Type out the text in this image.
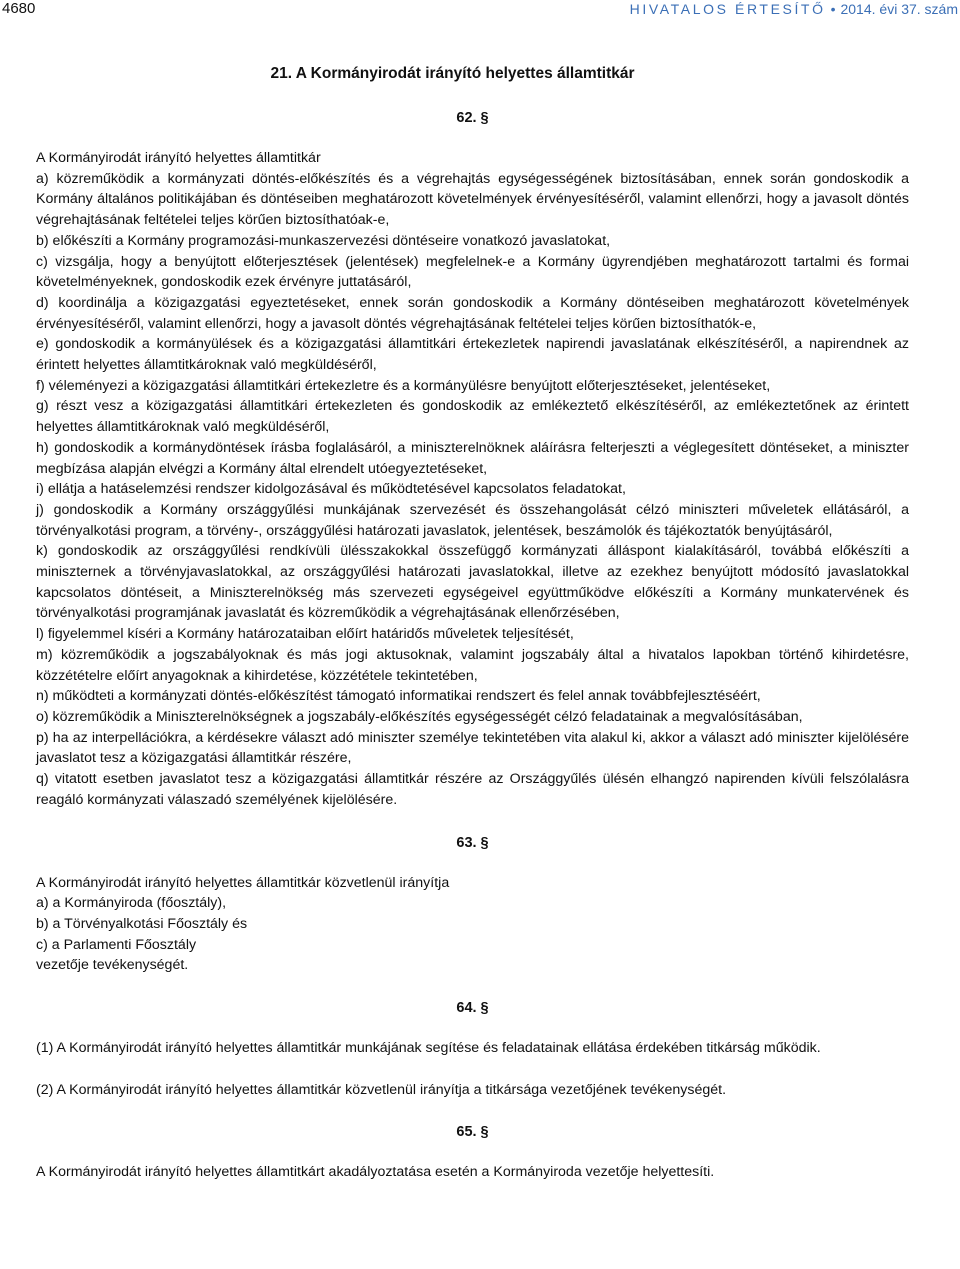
4680	HIVATALOS ÉRTESÍTŐ • 2014. évi 37. szám
21. A Kormányirodát irányító helyettes államtitkár
62. §

A Kormányirodát irányító helyettes államtitkár

a) közreműködik a kormányzati döntés-előkészítés és a végrehajtás egységességének biztosításában, ennek során gondoskodik a Kormány általános politikájában és döntéseiben meghatározott követelmények érvényesítéséről, valamint ellenőrzi, hogy a javasolt döntés végrehajtásának feltételei teljes körűen biztosíthatóak-e,

b) előkészíti a Kormány programozási-munkaszervezési döntéseire vonatkozó javaslatokat,

c) vizsgálja, hogy a benyújtott előterjesztések (jelentések) megfelelnek-e a Kormány ügyrendjében meghatározott tartalmi és formai követelményeknek, gondoskodik ezek érvényre juttatásáról,

d) koordinálja a közigazgatási egyeztetéseket, ennek során gondoskodik a Kormány döntéseiben meghatározott követelmények érvényesítéséről, valamint ellenőrzi, hogy a javasolt döntés végrehajtásának feltételei teljes körűen biztosíthatók-e,

e) gondoskodik a kormányülések és a közigazgatási államtitkári értekezletek napirendi javaslatának elkészítéséről, a napirendnek az érintett helyettes államtitkároknak való megküldéséről,

f) véleményezi a közigazgatási államtitkári értekezletre és a kormányülésre benyújtott előterjesztéseket, jelentéseket,

g) részt vesz a közigazgatási államtitkári értekezleten és gondoskodik az emlékeztető elkészítéséről, az emlékeztetőnek az érintett helyettes államtitkároknak való megküldéséről,

h) gondoskodik a kormánydöntések írásba foglalásáról, a miniszterelnöknek aláírásra felterjeszti a véglegesített döntéseket, a miniszter megbízása alapján elvégzi a Kormány által elrendelt utóegyeztetéseket,

i) ellátja a hatáselemzési rendszer kidolgozásával és működtetésével kapcsolatos feladatokat,

j) gondoskodik a Kormány országgyűlési munkájának szervezését és összehangolását célzó miniszteri műveletek ellátásáról, a törvényalkotási program, a törvény-, országgyűlési határozati javaslatok, jelentések, beszámolók és tájékoztatók benyújtásáról,

k) gondoskodik az országgyűlési rendkívüli ülésszakokkal összefüggő kormányzati álláspont kialakításáról, továbbá előkészíti a miniszternek a törvényjavaslatokkal, az országgyűlési határozati javaslatokkal, illetve az ezekhez benyújtott módosító javaslatokkal kapcsolatos döntéseit, a Miniszterelnökség más szervezeti egységeivel együttműködve előkészíti a Kormány munkatervének és törvényalkotási programjának javaslatát és közreműködik a végrehajtásának ellenőrzésében,

l) figyelemmel kíséri a Kormány határozataiban előírt határidős műveletek teljesítését,

m) közreműködik a jogszabályoknak és más jogi aktusoknak, valamint jogszabály által a hivatalos lapokban történő kihirdetésre, közzétételre előírt anyagoknak a kihirdetése, közzététele tekintetében,

n) működteti a kormányzati döntés-előkészítést támogató informatikai rendszert és felel annak továbbfejlesztéséért,

o) közreműködik a Miniszterelnökségnek a jogszabály-előkészítés egységességét célzó feladatainak a megvalósításában,

p) ha az interpellációkra, a kérdésekre választ adó miniszter személye tekintetében vita alakul ki, akkor a választ adó miniszter kijelölésére javaslatot tesz a közigazgatási államtitkár részére,

q) vitatott esetben javaslatot tesz a közigazgatási államtitkár részére az Országgyűlés ülésén elhangzó napirenden kívüli felszólalásra reagáló kormányzati válaszadó személyének kijelölésére.

63. §

A Kormányirodát irányító helyettes államtitkár közvetlenül irányítja

a) a Kormányiroda (főosztály),

b) a Törvényalkotási Főosztály és

c) a Parlamenti Főosztály

vezetője tevékenységét.

64. §

(1) A Kormányirodát irányító helyettes államtitkár munkájának segítése és feladatainak ellátása érdekében titkárság működik.

(2) A Kormányirodát irányító helyettes államtitkár közvetlenül irányítja a titkársága vezetőjének tevékenységét.

65. §

A Kormányirodát irányító helyettes államtitkárt akadályoztatása esetén a Kormányiroda vezetője helyettesíti.
